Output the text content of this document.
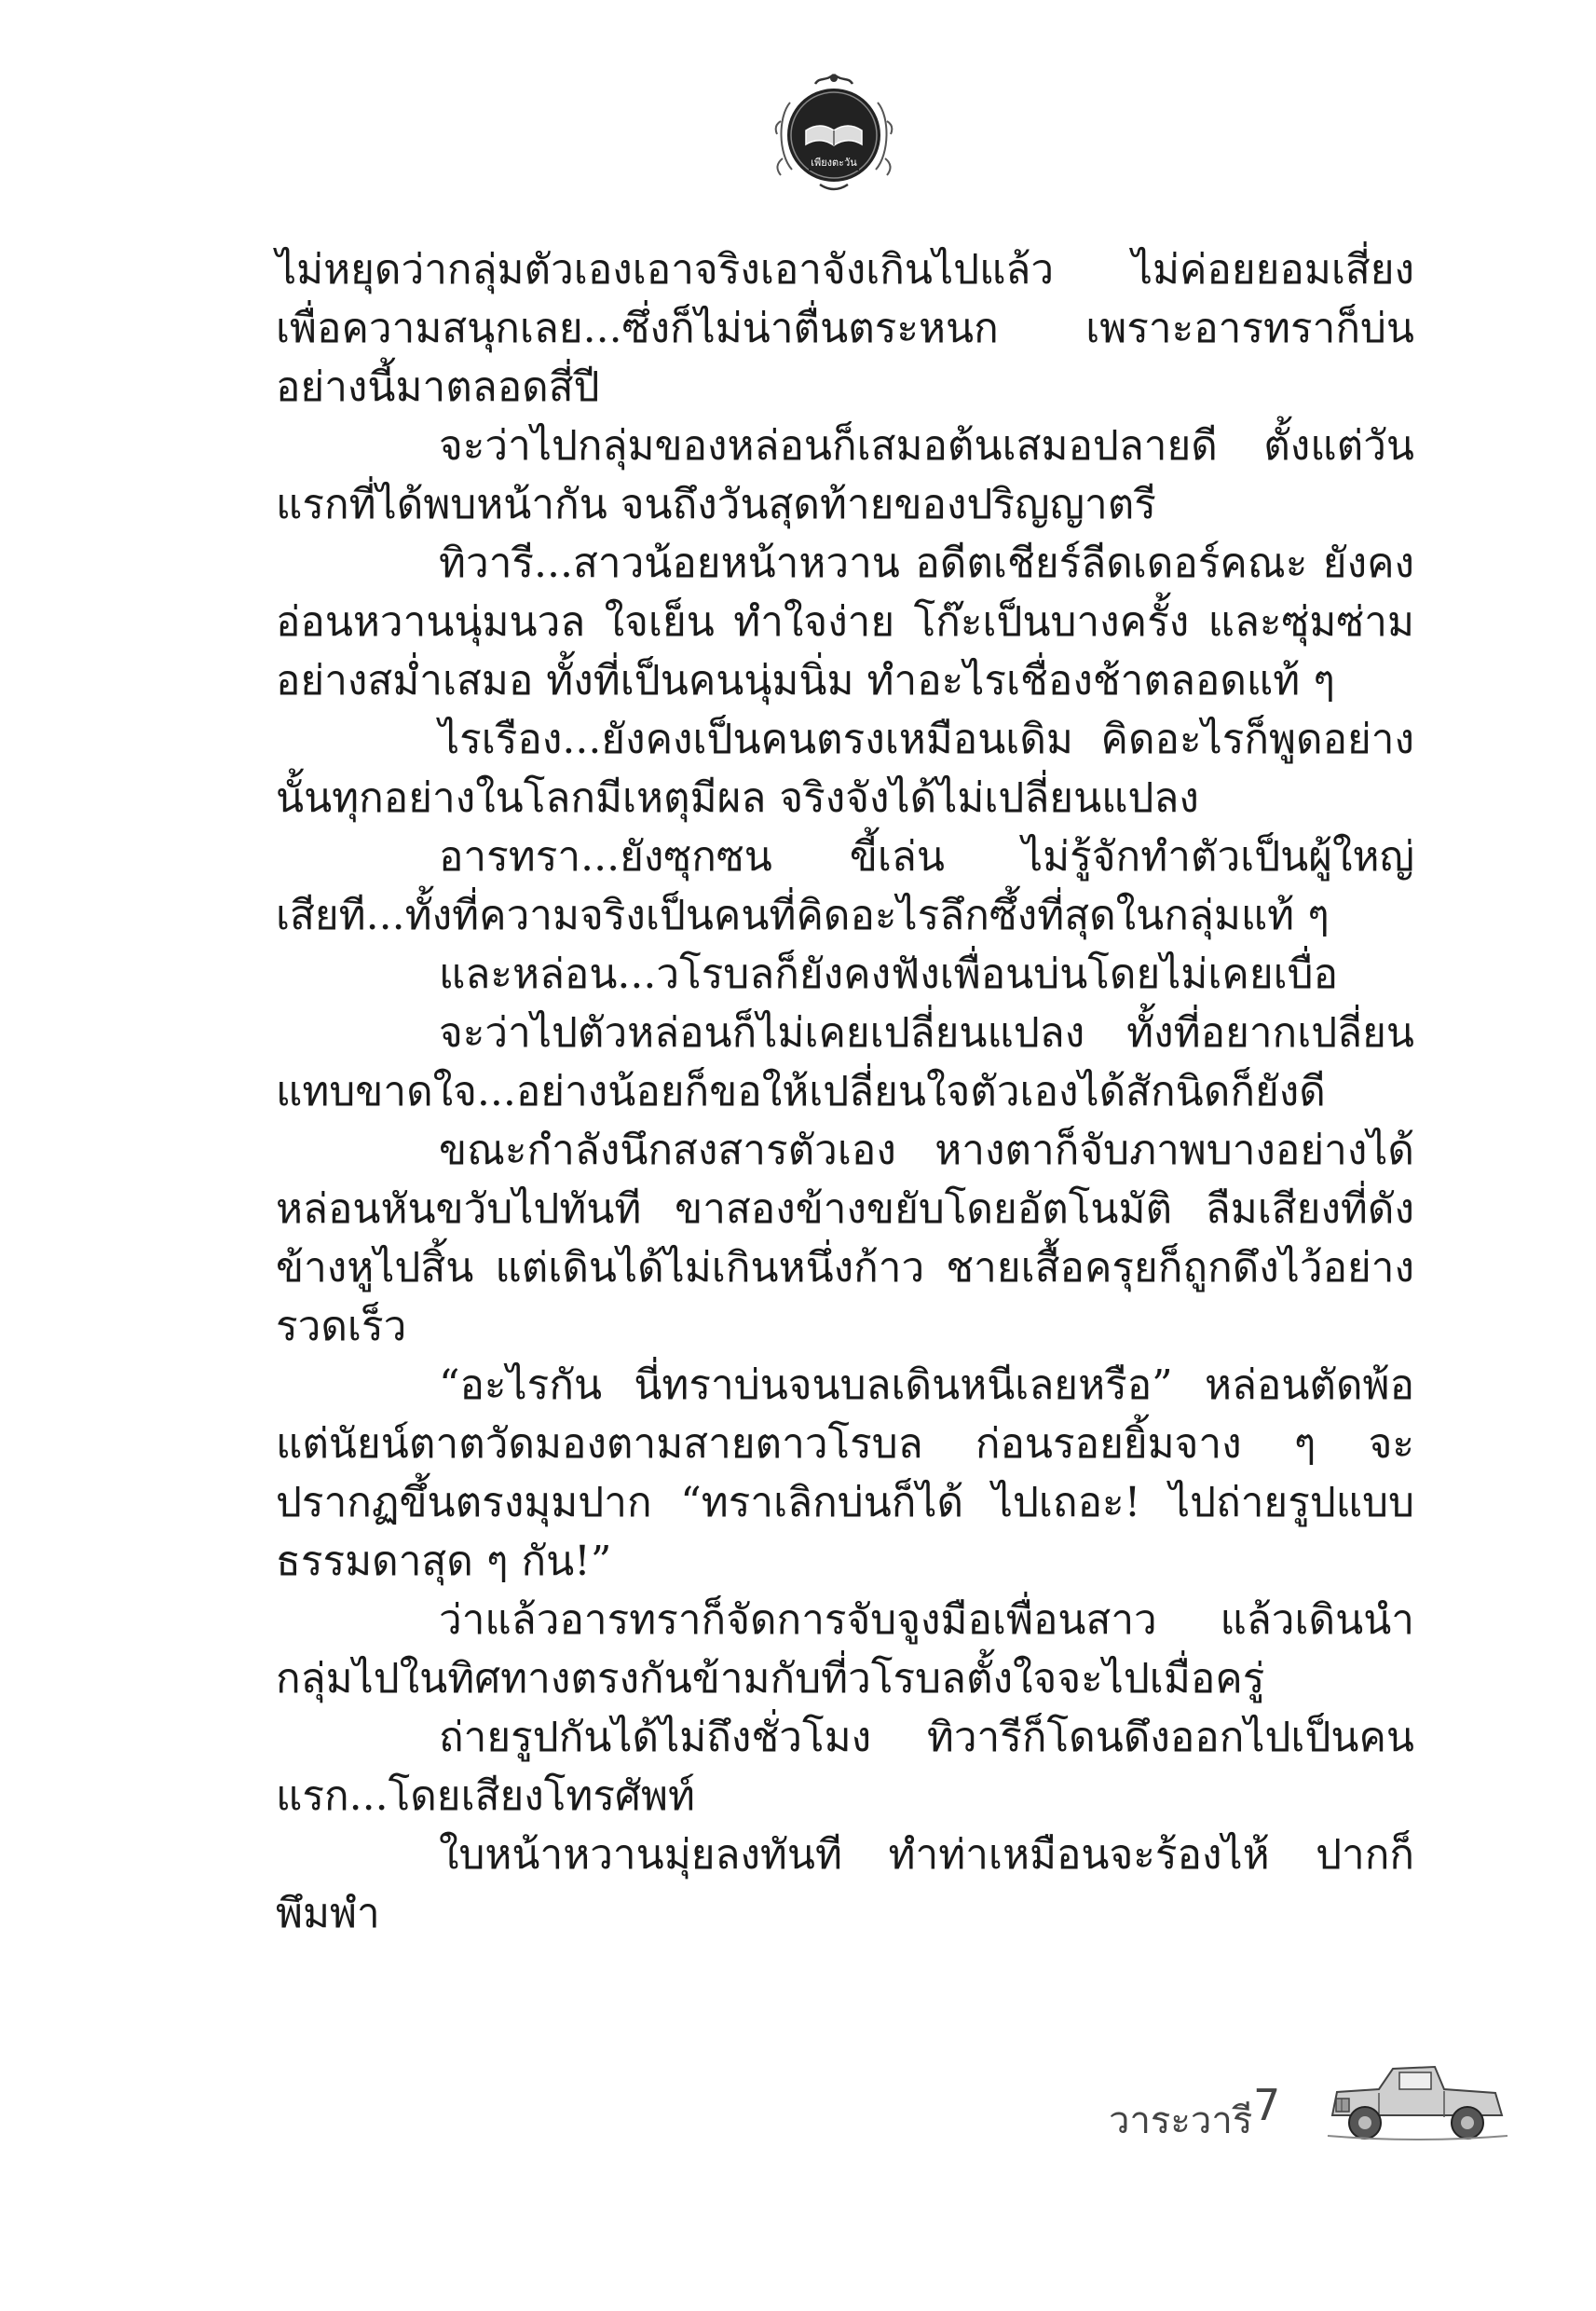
เพียงตะวัน

ไม่หยุดว่ากลุ่มตัวเองเอาจริงเอาจังเกินไปแล้ว ไม่ค่อยยอมเสี่ยงเพื่อความสนุกเลย...ซึ่งก็ไม่น่าตื่นตระหนก เพราะอารทราก็บ่นอย่างนี้มาตลอดสี่ปี

จะว่าไปกลุ่มของหล่อนก็เสมอต้นเสมอปลายดี ตั้งแต่วันแรกที่ได้พบหน้ากัน จนถึงวันสุดท้ายของปริญญาตรี

ทิวารี...สาวน้อยหน้าหวาน อดีตเชียร์ลีดเดอร์คณะ ยังคงอ่อนหวานนุ่มนวล ใจเย็น ทำใจง่าย โก๊ะเป็นบางครั้ง และซุ่มซ่ามอย่างสม่ำเสมอ ทั้งที่เป็นคนนุ่มนิ่ม ทำอะไรเชื่องช้าตลอดแท้ ๆ

ไรเรือง...ยังคงเป็นคนตรงเหมือนเดิม คิดอะไรก็พูดอย่างนั้นทุกอย่างในโลกมีเหตุมีผล จริงจังได้ไม่เปลี่ยนแปลง

อารทรา...ยังซุกซน ขี้เล่น ไม่รู้จักทำตัวเป็นผู้ใหญ่เสียที...ทั้งที่ความจริงเป็นคนที่คิดอะไรลึกซึ้งที่สุดในกลุ่มแท้ ๆ

และหล่อน...วโรบลก็ยังคงฟังเพื่อนบ่นโดยไม่เคยเบื่อ

จะว่าไปตัวหล่อนก็ไม่เคยเปลี่ยนแปลง ทั้งที่อยากเปลี่ยนแทบขาดใจ...อย่างน้อยก็ขอให้เปลี่ยนใจตัวเองได้สักนิดก็ยังดี

ขณะกำลังนึกสงสารตัวเอง หางตาก็จับภาพบางอย่างได้หล่อนหันขวับไปทันที ขาสองข้างขยับโดยอัตโนมัติ ลืมเสียงที่ดังข้างหูไปสิ้น แต่เดินได้ไม่เกินหนึ่งก้าว ชายเสื้อครุยก็ถูกดึงไว้อย่างรวดเร็ว

“อะไรกัน นี่ทราบ่นจนบลเดินหนีเลยหรือ” หล่อนตัดพ้อ แต่นัยน์ตาตวัดมองตามสายตาวโรบล ก่อนรอยยิ้มจาง ๆ จะปรากฏขึ้นตรงมุมปาก “ทราเลิกบ่นก็ได้ ไปเถอะ! ไปถ่ายรูปแบบธรรมดาสุด ๆ กัน!”

ว่าแล้วอารทราก็จัดการจับจูงมือเพื่อนสาว แล้วเดินนำกลุ่มไปในทิศทางตรงกันข้ามกับที่วโรบลตั้งใจจะไปเมื่อครู่

ถ่ายรูปกันได้ไม่ถึงชั่วโมง ทิวารีก็โดนดึงออกไปเป็นคนแรก...โดยเสียงโทรศัพท์

ใบหน้าหวานมุ่ยลงทันที ทำท่าเหมือนจะร้องไห้ ปากก็พึมพำ

วาระวารี 7
